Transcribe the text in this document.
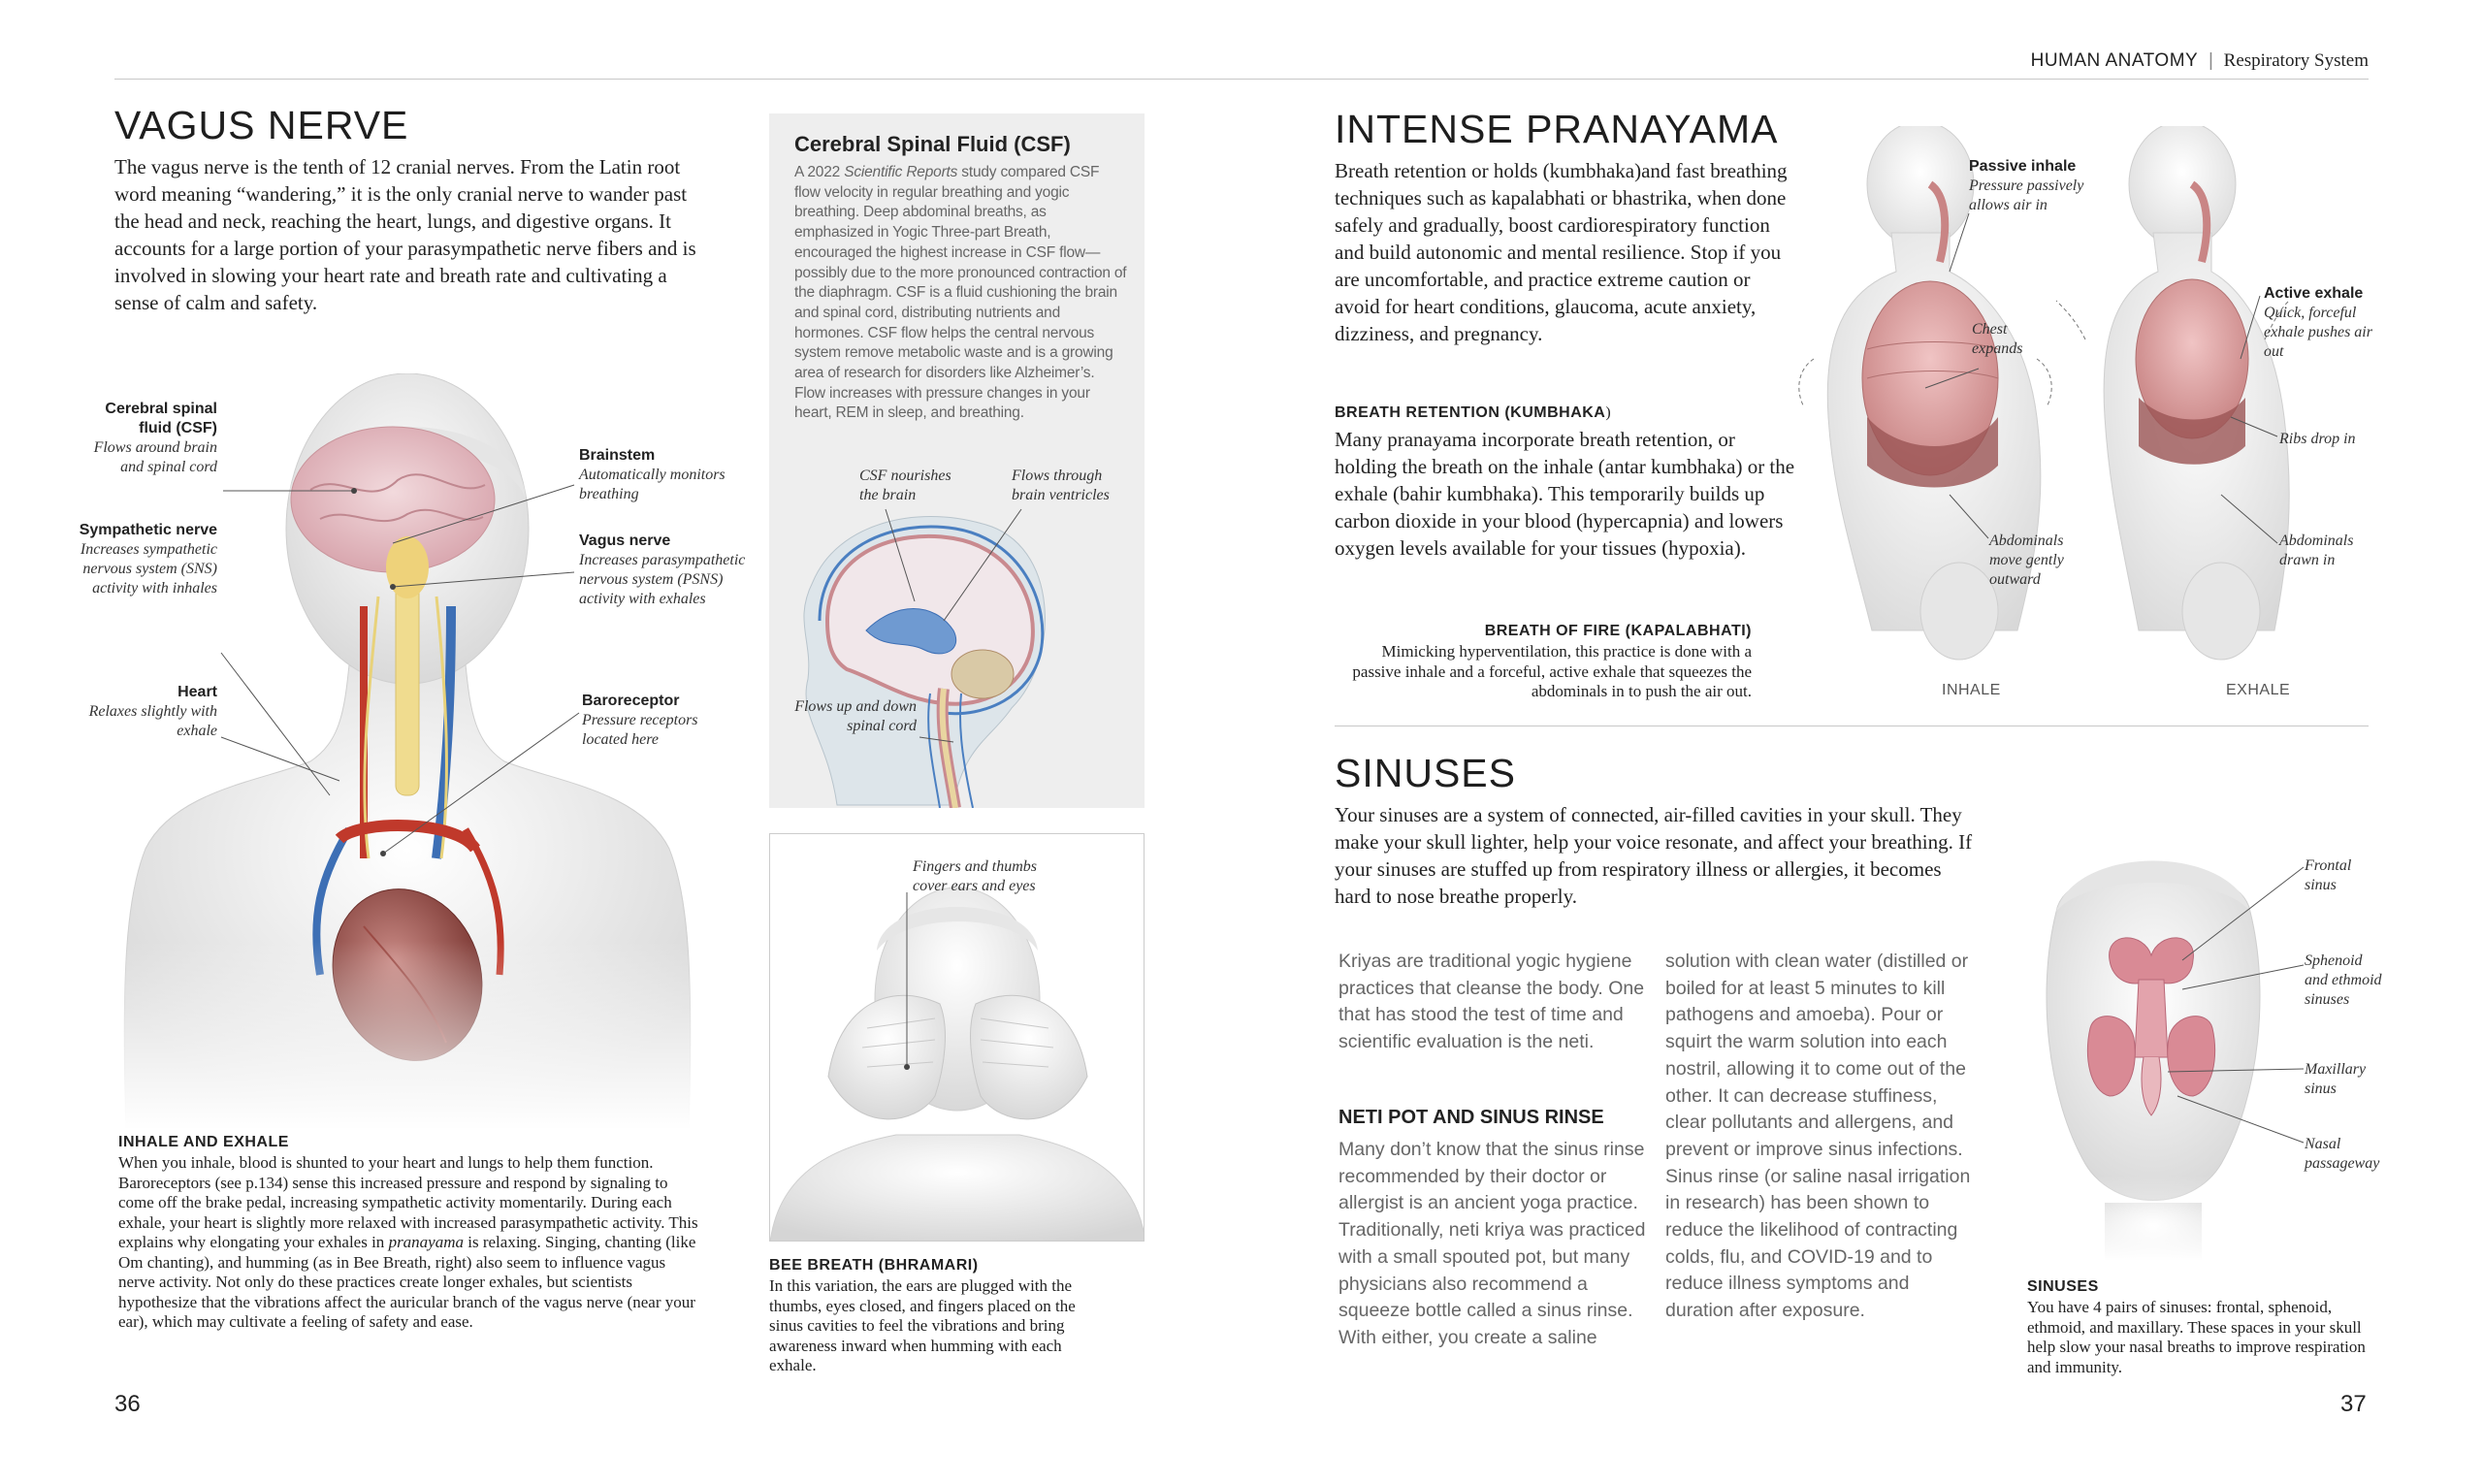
HUMAN ANATOMY | Respiratory System
VAGUS NERVE
The vagus nerve is the tenth of 12 cranial nerves. From the Latin root word meaning “wandering,” it is the only cranial nerve to wander past the head and neck, reaching the heart, lungs, and digestive organs. It accounts for a large portion of your parasympathetic nerve fibers and is involved in slowing your heart rate and breath rate and cultivating a sense of calm and safety.
Cerebral spinal fluid (CSF)
Flows around brain and spinal cord
Sympathetic nerve
Increases sympathetic nervous system (SNS) activity with inhales
Heart
Relaxes slightly with exhale
Brainstem
Automatically monitors breathing
Vagus nerve
Increases parasympathetic nervous system (PSNS) activity with exhales
Baroreceptor
Pressure receptors located here
INHALE AND EXHALE
When you inhale, blood is shunted to your heart and lungs to help them function. Baroreceptors (see p.134) sense this increased pressure and respond by signaling to come off the brake pedal, increasing sympathetic activity momentarily. During each exhale, your heart is slightly more relaxed with increased parasympathetic activity. This explains why elongating your exhales in pranayama is relaxing. Singing, chanting (like Om chanting), and humming (as in Bee Breath, right) also seem to influence vagus nerve activity. Not only do these practices create longer exhales, but scientists hypothesize that the vibrations affect the auricular branch of the vagus nerve (near your ear), which may cultivate a feeling of safety and ease.
36
Cerebral Spinal Fluid (CSF)
A 2022 Scientific Reports study compared CSF flow velocity in regular breathing and yogic breathing. Deep abdominal breaths, as emphasized in Yogic Three-part Breath, encouraged the highest increase in CSF flow—possibly due to the more pronounced contraction of the diaphragm. CSF is a fluid cushioning the brain and spinal cord, distributing nutrients and hormones. CSF flow helps the central nervous system remove metabolic waste and is a growing area of research for disorders like Alzheimer’s. Flow increases with pressure changes in your heart, REM in sleep, and breathing.
CSF nourishes the brain
Flows through brain ventricles
Flows up and down spinal cord
Fingers and thumbs cover ears and eyes
BEE BREATH (BHRAMARI)
In this variation, the ears are plugged with the thumbs, eyes closed, and fingers placed on the sinus cavities to feel the vibrations and bring awareness inward when humming with each exhale.
INTENSE PRANAYAMA
Breath retention or holds (kumbhaka)and fast breathing techniques such as kapalabhati or bhastrika, when done safely and gradually, boost cardiorespiratory function and build autonomic and mental resilience. Stop if you are uncomfortable, and practice extreme caution or avoid for heart conditions, glaucoma, acute anxiety, dizziness, and pregnancy.
BREATH RETENTION (KUMBHAKA)
Many pranayama incorporate breath retention, or holding the breath on the inhale (antar kumbhaka) or the exhale (bahir kumbhaka). This temporarily builds up carbon dioxide in your blood (hypercapnia) and lowers oxygen levels available for your tissues (hypoxia).
BREATH OF FIRE (KAPALABHATI)
Mimicking hyperventilation, this practice is done with a passive inhale and a forceful, active exhale that squeezes the abdominals in to push the air out.
Passive inhale
Pressure passively allows air in
Chest expands
Abdominals move gently outward
Active exhale
Quick, forceful exhale pushes air out
Ribs drop in
Abdominals drawn in
INHALE	EXHALE
SINUSES
Your sinuses are a system of connected, air-filled cavities in your skull. They make your skull lighter, help your voice resonate, and affect your breathing. If your sinuses are stuffed up from respiratory illness or allergies, it becomes hard to nose breathe properly.
Kriyas are traditional yogic hygiene practices that cleanse the body. One that has stood the test of time and scientific evaluation is the neti.
NETI POT AND SINUS RINSE
Many don’t know that the sinus rinse recommended by their doctor or allergist is an ancient yoga practice. Traditionally, neti kriya was practiced with a small spouted pot, but many physicians also recommend a squeeze bottle called a sinus rinse. With either, you create a saline
solution with clean water (distilled or boiled for at least 5 minutes to kill pathogens and amoeba). Pour or squirt the warm solution into each nostril, allowing it to come out of the other. It can decrease stuffiness, clear pollutants and allergens, and prevent or improve sinus infections. Sinus rinse (or saline nasal irrigation in research) has been shown to reduce the likelihood of contracting colds, flu, and COVID-19 and to reduce illness symptoms and duration after exposure.
Frontal sinus
Sphenoid and ethmoid sinuses
Maxillary sinus
Nasal passageway
SINUSES
You have 4 pairs of sinuses: frontal, sphenoid, ethmoid, and maxillary. These spaces in your skull help slow your nasal breaths to improve respiration and immunity.
37
